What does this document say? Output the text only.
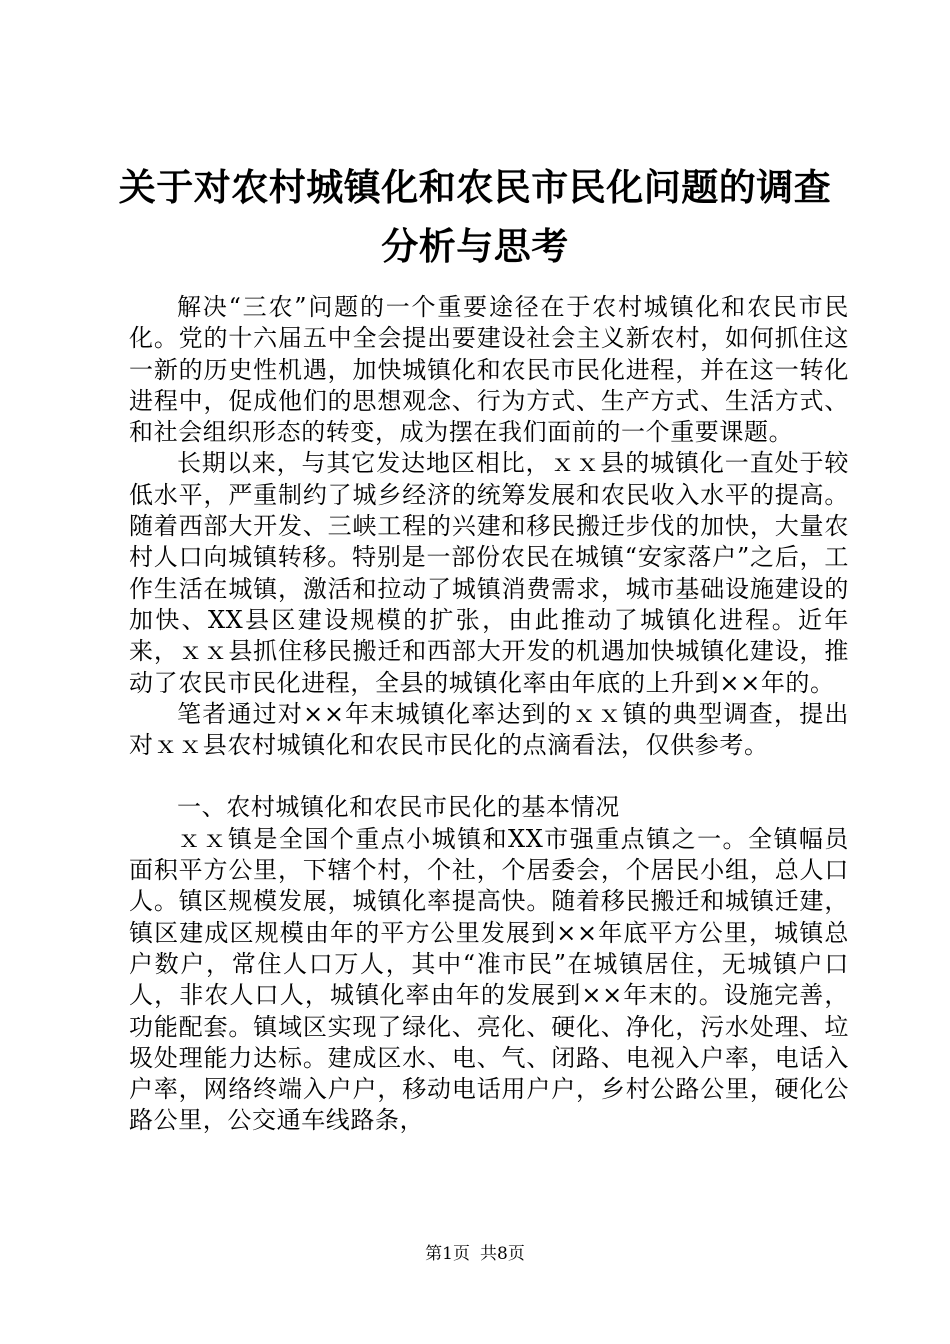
关于对农村城镇化和农民市民化问题的调查分析与思考

解决“三农”问题的一个重要途径在于农村城镇化和农民市民化。党的十六届五中全会提出要建设社会主义新农村，如何抓住这一新的历史性机遇，加快城镇化和农民市民化进程，并在这一转化进程中，促成他们的思想观念、行为方式、生产方式、生活方式、和社会组织形态的转变，成为摆在我们面前的一个重要课题。

长期以来，与其它发达地区相比，ｘｘ县的城镇化一直处于较低水平，严重制约了城乡经济的统筹发展和农民收入水平的提高。随着西部大开发、三峡工程的兴建和移民搬迁步伐的加快，大量农村人口向城镇转移。特别是一部份农民在城镇“安家落户”之后，工作生活在城镇，激活和拉动了城镇消费需求，城市基础设施建设的加快、XX县区建设规模的扩张，由此推动了城镇化进程。近年来，ｘｘ县抓住移民搬迁和西部大开发的机遇加快城镇化建设，推动了农民市民化进程，全县的城镇化率由年底的上升到××年的。

笔者通过对××年末城镇化率达到的ｘｘ镇的典型调查，提出对ｘｘ县农村城镇化和农民市民化的点滴看法，仅供参考。

一、农村城镇化和农民市民化的基本情况

ｘｘ镇是全国个重点小城镇和XX市强重点镇之一。全镇幅员面积平方公里，下辖个村，个社，个居委会，个居民小组，总人口人。镇区规模发展，城镇化率提高快。随着移民搬迁和城镇迁建，镇区建成区规模由年的平方公里发展到××年底平方公里，城镇总户数户，常住人口万人，其中“准市民”在城镇居住，无城镇户口人，非农人口人，城镇化率由年的发展到××年末的。设施完善，功能配套。镇域区实现了绿化、亮化、硬化、净化，污水处理、垃圾处理能力达标。建成区水、电、气、闭路、电视入户率，电话入户率，网络终端入户户，移动电话用户户，乡村公路公里，硬化公路公里，公交通车线路条，

第1页 共8页
